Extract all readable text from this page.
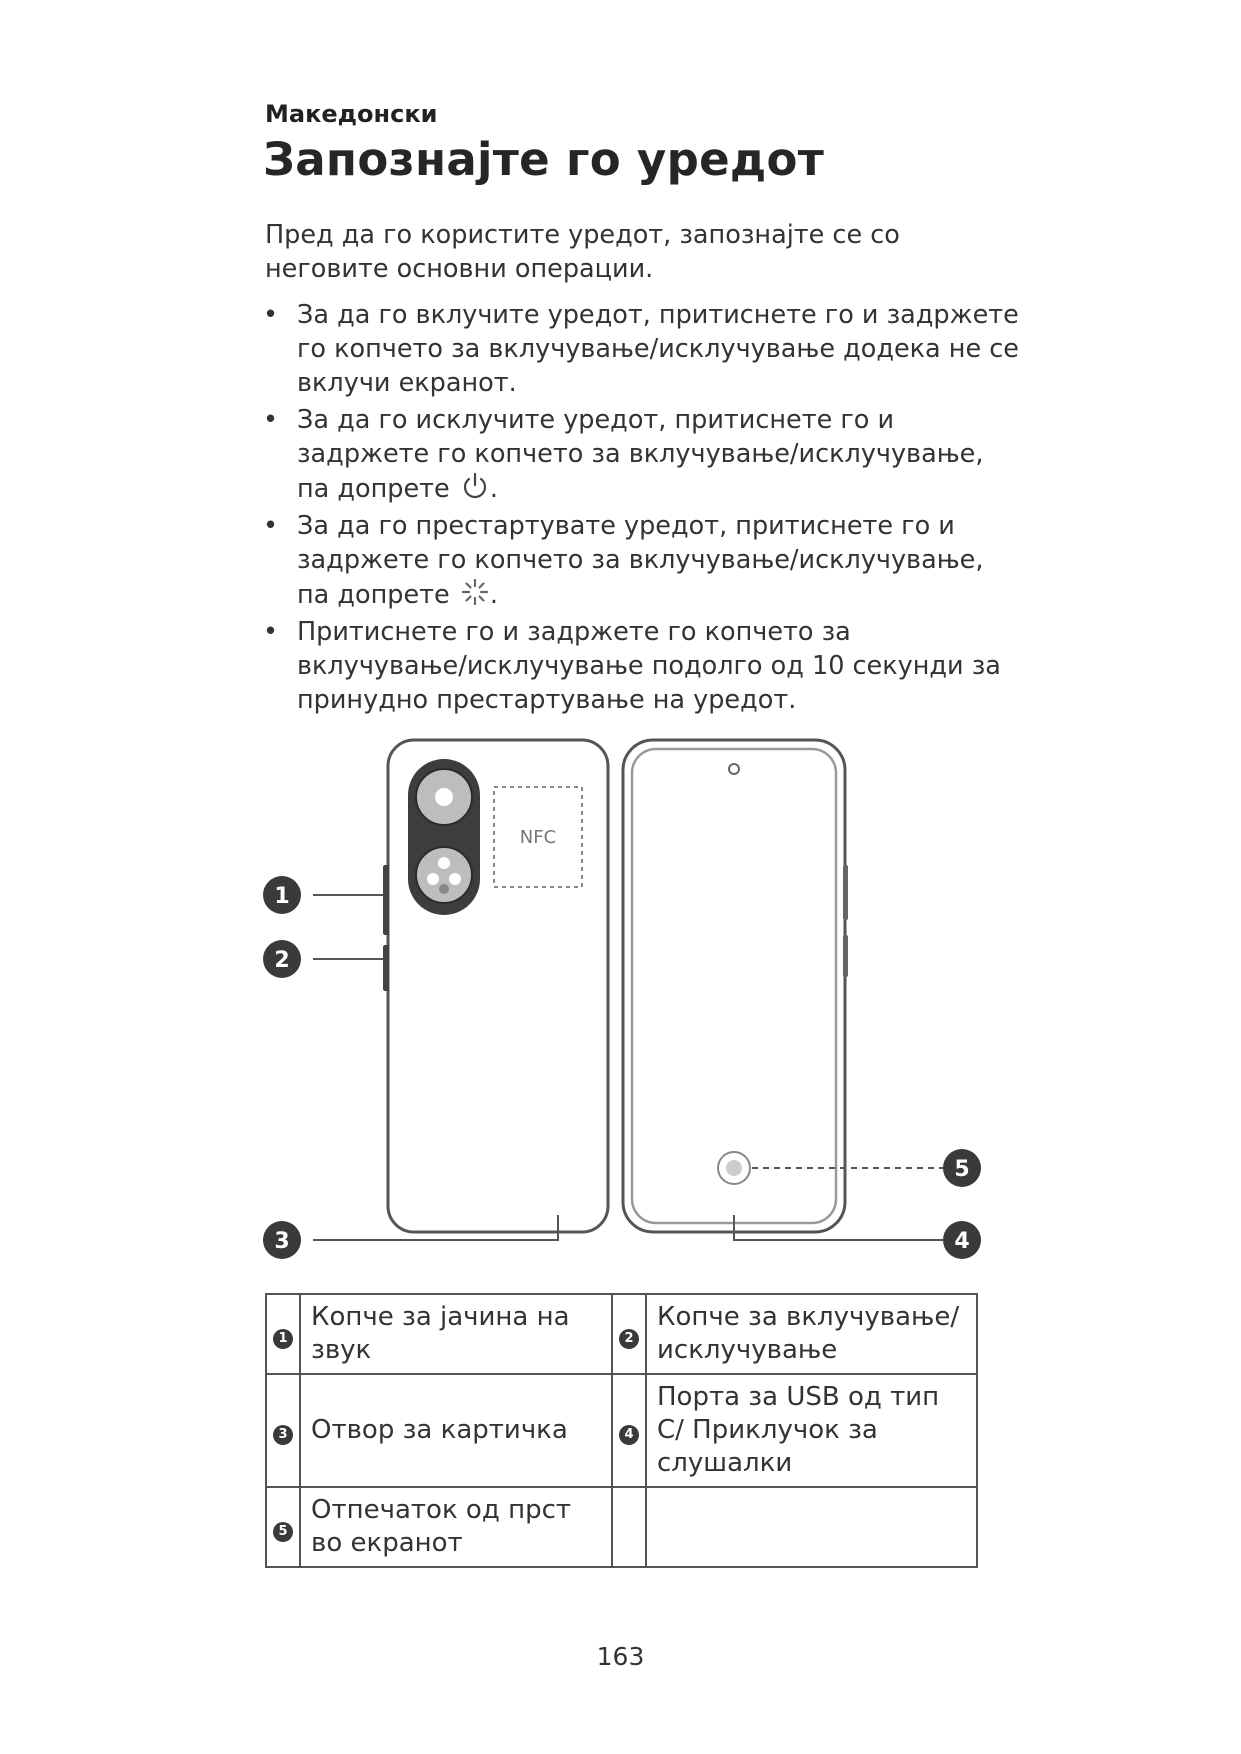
Македонски
Запознајте го уредот

Пред да го користите уредот, запознајте се со неговите основни операции.

• За да го вклучите уредот, притиснете го и задржете го копчето за вклучување/исклучување додека не се вклучи екранот.
• За да го исклучите уредот, притиснете го и задржете го копчето за вклучување/исклучување, па допрете .
• За да го престартувате уредот, притиснете го и задржете го копчето за вклучување/исклучување, па допрете .
• Притиснете го и задржете го копчето за вклучување/исклучување подолго од 10 секунди за принудно престартување на уредот.
NFC
1
2
3	4
5
1	Копче за јачина на звук	2	Копче за вклучување/ исклучување
3	Отвор за картичка	4	Порта за USB од тип C/ Приклучок за слушалки
5	Отпечаток од прст во екранот		
163
